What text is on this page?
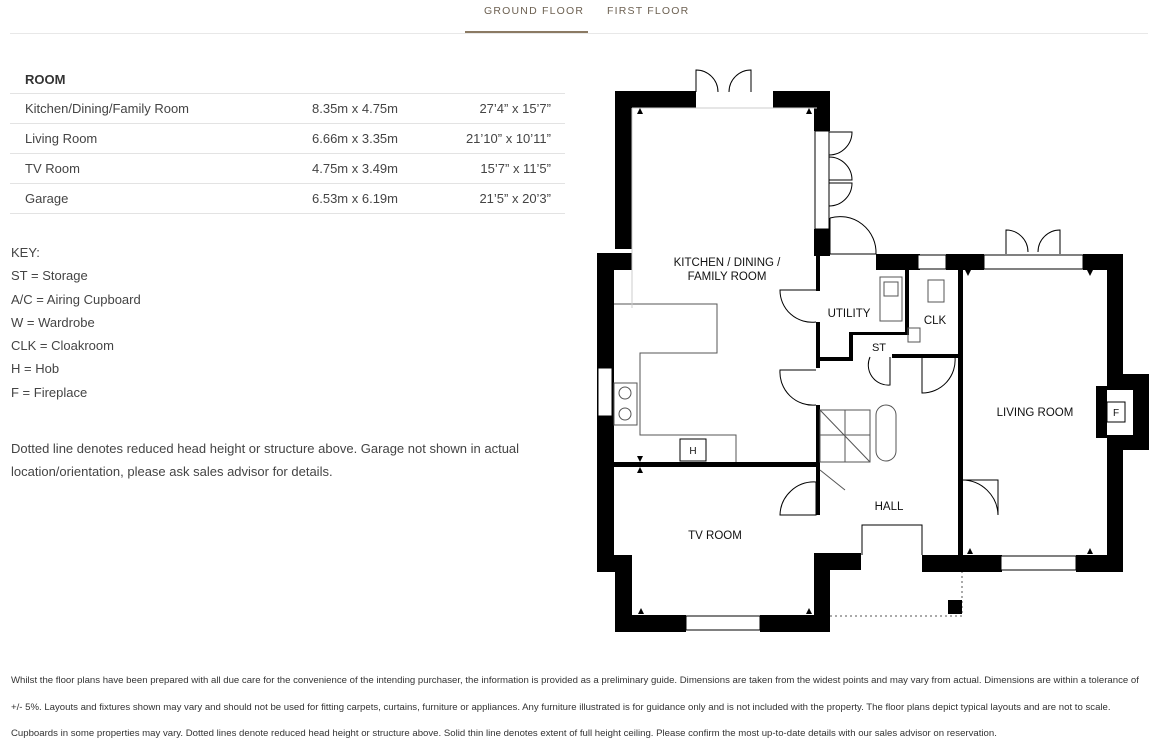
GROUND FLOOR FIRST FLOOR
ROOM
Kitchen/Dining/Family Room	8.35m x 4.75m	27’4” x 15’7”
Living Room	6.66m x 3.35m	21’10” x 10’11”
TV Room	4.75m x 3.49m	15’7” x 11’5”
Garage	6.53m x 6.19m	21’5” x 20’3”
KEY:
ST = Storage
A/C = Airing Cupboard
W = Wardrobe
CLK = Cloakroom
H = Hob
F = Fireplace
Dotted line denotes reduced head height or structure above. Garage not shown in actual location/orientation, please ask sales advisor for details.
KITCHEN / DINING /
FAMILY ROOM
UTILITY
CLK
ST
LIVING ROOM
HALL
TV ROOM
H
F
Whilst the floor plans have been prepared with all due care for the convenience of the intending purchaser, the information is provided as a preliminary guide. Dimensions are taken from the widest points and may vary from actual. Dimensions are within a tolerance of +/- 5%. Layouts and fixtures shown may vary and should not be used for fitting carpets, curtains, furniture or appliances. Any furniture illustrated is for guidance only and is not included with the property. The floor plans depict typical layouts and are not to scale. Cupboards in some properties may vary. Dotted lines denote reduced head height or structure above. Solid thin line denotes extent of full height ceiling. Please confirm the most up-to-date details with our sales advisor on reservation.
